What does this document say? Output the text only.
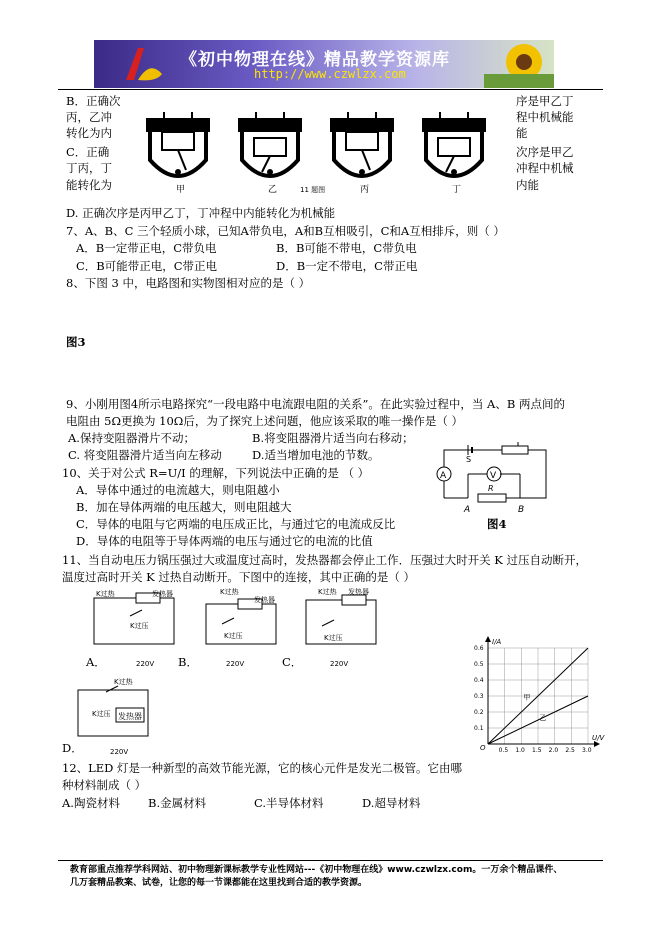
《初中物理在线》精品教学资源库
http://www.czwlzx.com
B．正确次
丙，乙冲
转化为内
C．正确
丁丙，丁
能转化为
序是甲乙丁
程中机械能
能
次序是甲乙
冲程中机械
内能
甲	乙	11 题图	丙	丁
D. 正确次序是丙甲乙丁，丁冲程中内能转化为机械能
7、A、B、C 三个轻质小球，已知A带负电，A和B互相吸引，C和A互相排斥，则（ ）
A．B一定带正电，C带负电	B．B可能不带电，C带负电
C．B可能带正电，C带正电	D．B一定不带电，C带正电
8、下图 3 中，电路图和实物图相对应的是（ ）
图3
9、小刚用图4所示电路探究“一段电路中电流跟电阻的关系”。在此实验过程中，当 A、B 两点间的
电阻由 5Ω更换为 10Ω后，为了探究上述问题，他应该采取的唯一操作是（ ）
A.保持变阻器滑片不动；	B.将变阻器滑片适当向右移动；
C. 将变阻器滑片适当向左移动	D.适当增加电池的节数。
10、关于对公式 R=U/I 的理解，下列说法中正确的是 （ ）
A．导体中通过的电流越大，则电阻越小
B．加在导体两端的电压越大，则电阻越大
C．导体的电阻与它两端的电压成正比，与通过它的电流成反比
D．导体的电阻等于导体两端的电压与通过它的电流的比值
A	V
R
S
A	B
图4
11、当自动电压力锅压强过大或温度过高时，发热器都会停止工作．压强过大时开关 K 过压自动断开，
温度过高时开关 K 过热自动断开。下图中的连接，其中正确的是（ ）
K过热	发热器
K过压
220V
K过热
发热器
K过压
220V
K过热 发热器
K过压
220V
A．	B．	C．
K过热
K过压 发热器
220V
D．
I/A
U/V
O 0.5 1.0 1.5 2.0 2.5 3.0
0.1
0.2
0.3
0.4
0.5
0.6
甲
乙
12、LED 灯是一种新型的高效节能光源，它的核心元件是发光二极管。它由哪
种材料制成（ ）
A.陶瓷材料 B.金属材料	C.半导体材料	D.超导材料
教育部重点推荐学科网站、初中物理新课标教学专业性网站---《初中物理在线》www.czwlzx.com。一万余个精品课件、
几万套精品教案、试卷，让您的每一节课都能在这里找到合适的教学资源。
